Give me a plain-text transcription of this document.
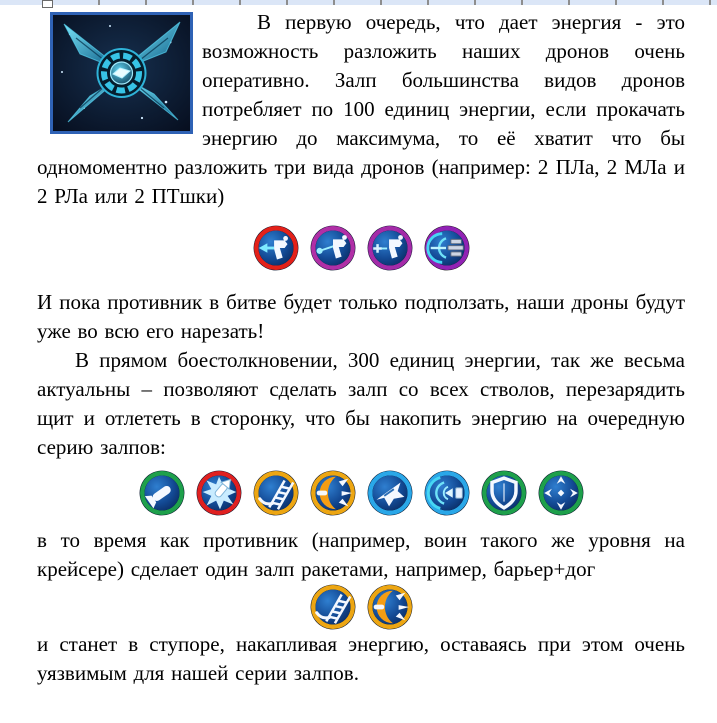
В первую очередь, что дает энергия - это возможность разложить наших дронов очень оперативно. Залп большинства видов дронов потребляет по 100 единиц энергии, если прокачать энергию до максимума, то её хватит что бы одномоментно разложить три вида дронов (например: 2 ПЛа, 2 МЛа и 2 РЛа или 2 ПТшки)

И пока противник в битве будет только подползать, наши дроны будут уже во всю его нарезать!

В прямом боестолкновении, 300 единиц энергии, так же весьма актуальны – позволяют сделать залп со всех стволов, перезарядить щит и отлететь в сторонку, что бы накопить энергию на очередную серию залпов:

в то время как противник (например, воин такого же уровня на крейсере) сделает один залп ракетами, например, барьер+дог

и станет в ступоре, накапливая энергию, оставаясь при этом очень уязвимым для нашей серии залпов.
